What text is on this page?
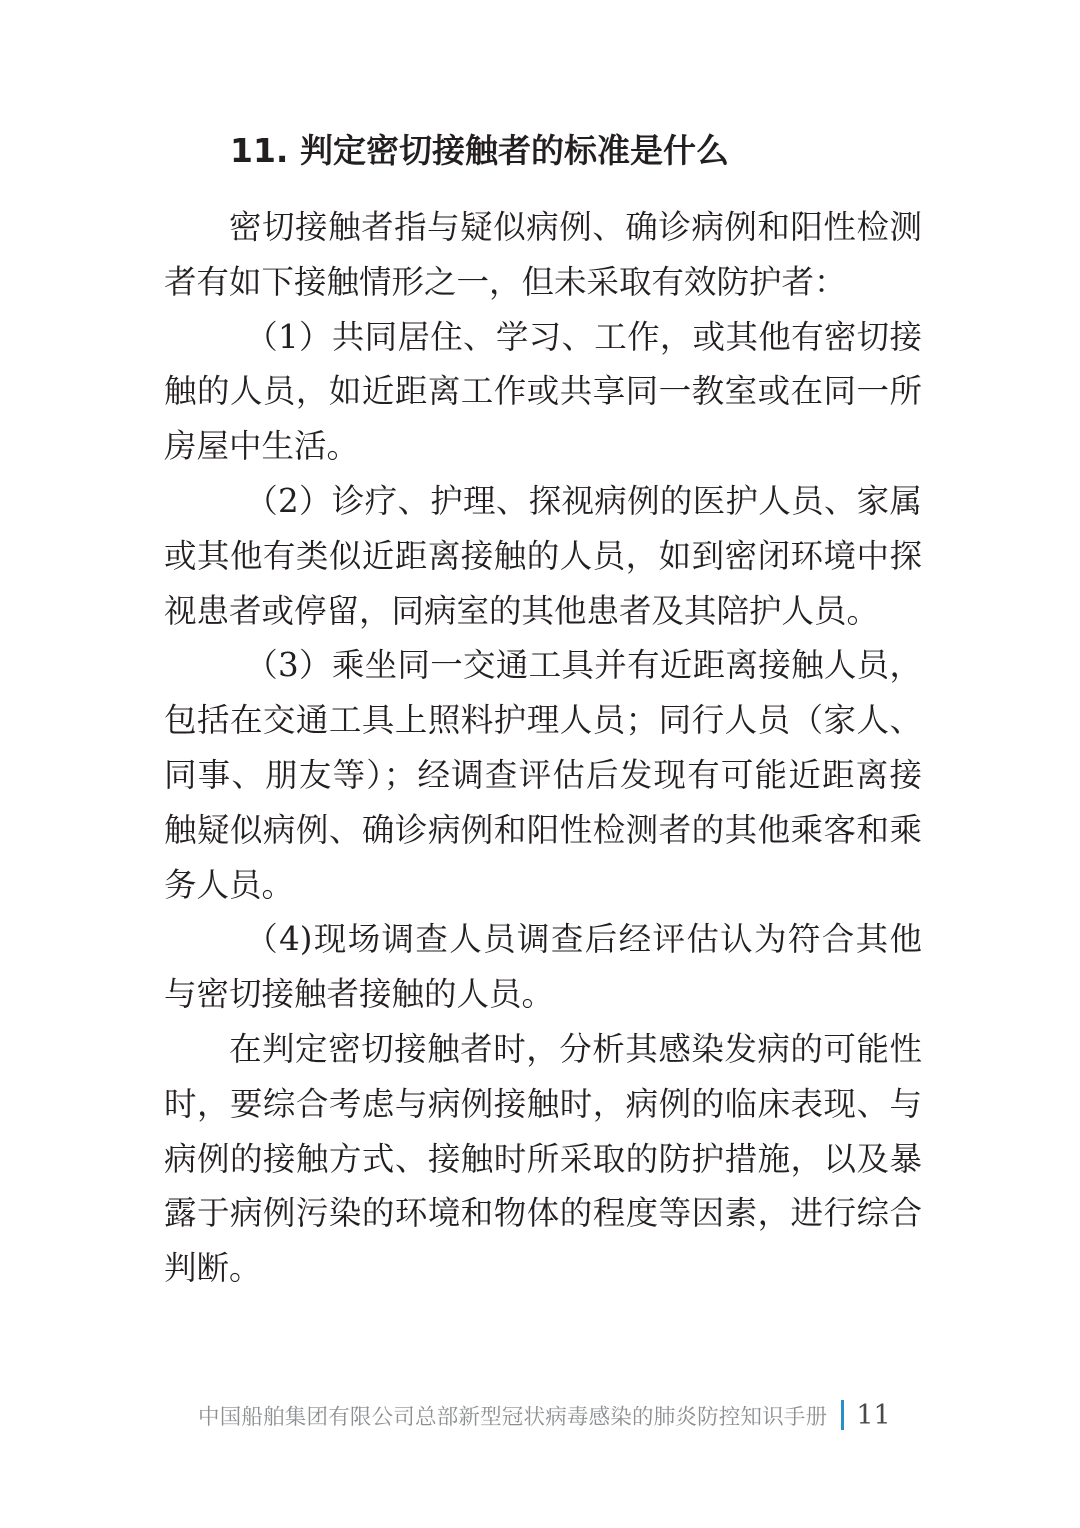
11. 判定密切接触者的标准是什么

密切接触者指与疑似病例、确诊病例和阳性检测者有如下接触情形之一，但未采取有效防护者：

（1）共同居住、学习、工作，或其他有密切接触的人员，如近距离工作或共享同一教室或在同一所房屋中生活。

（2）诊疗、护理、探视病例的医护人员、家属或其他有类似近距离接触的人员，如到密闭环境中探视患者或停留，同病室的其他患者及其陪护人员。

（3）乘坐同一交通工具并有近距离接触人员，包括在交通工具上照料护理人员；同行人员（家人、同事、朋友等）；经调查评估后发现有可能近距离接触疑似病例、确诊病例和阳性检测者的其他乘客和乘务人员。

（4)现场调查人员调查后经评估认为符合其他与密切接触者接触的人员。

在判定密切接触者时，分析其感染发病的可能性时，要综合考虑与病例接触时，病例的临床表现、与病例的接触方式、接触时所采取的防护措施，以及暴露于病例污染的环境和物体的程度等因素，进行综合判断。

中国船舶集团有限公司总部新型冠状病毒感染的肺炎防控知识手册 11
